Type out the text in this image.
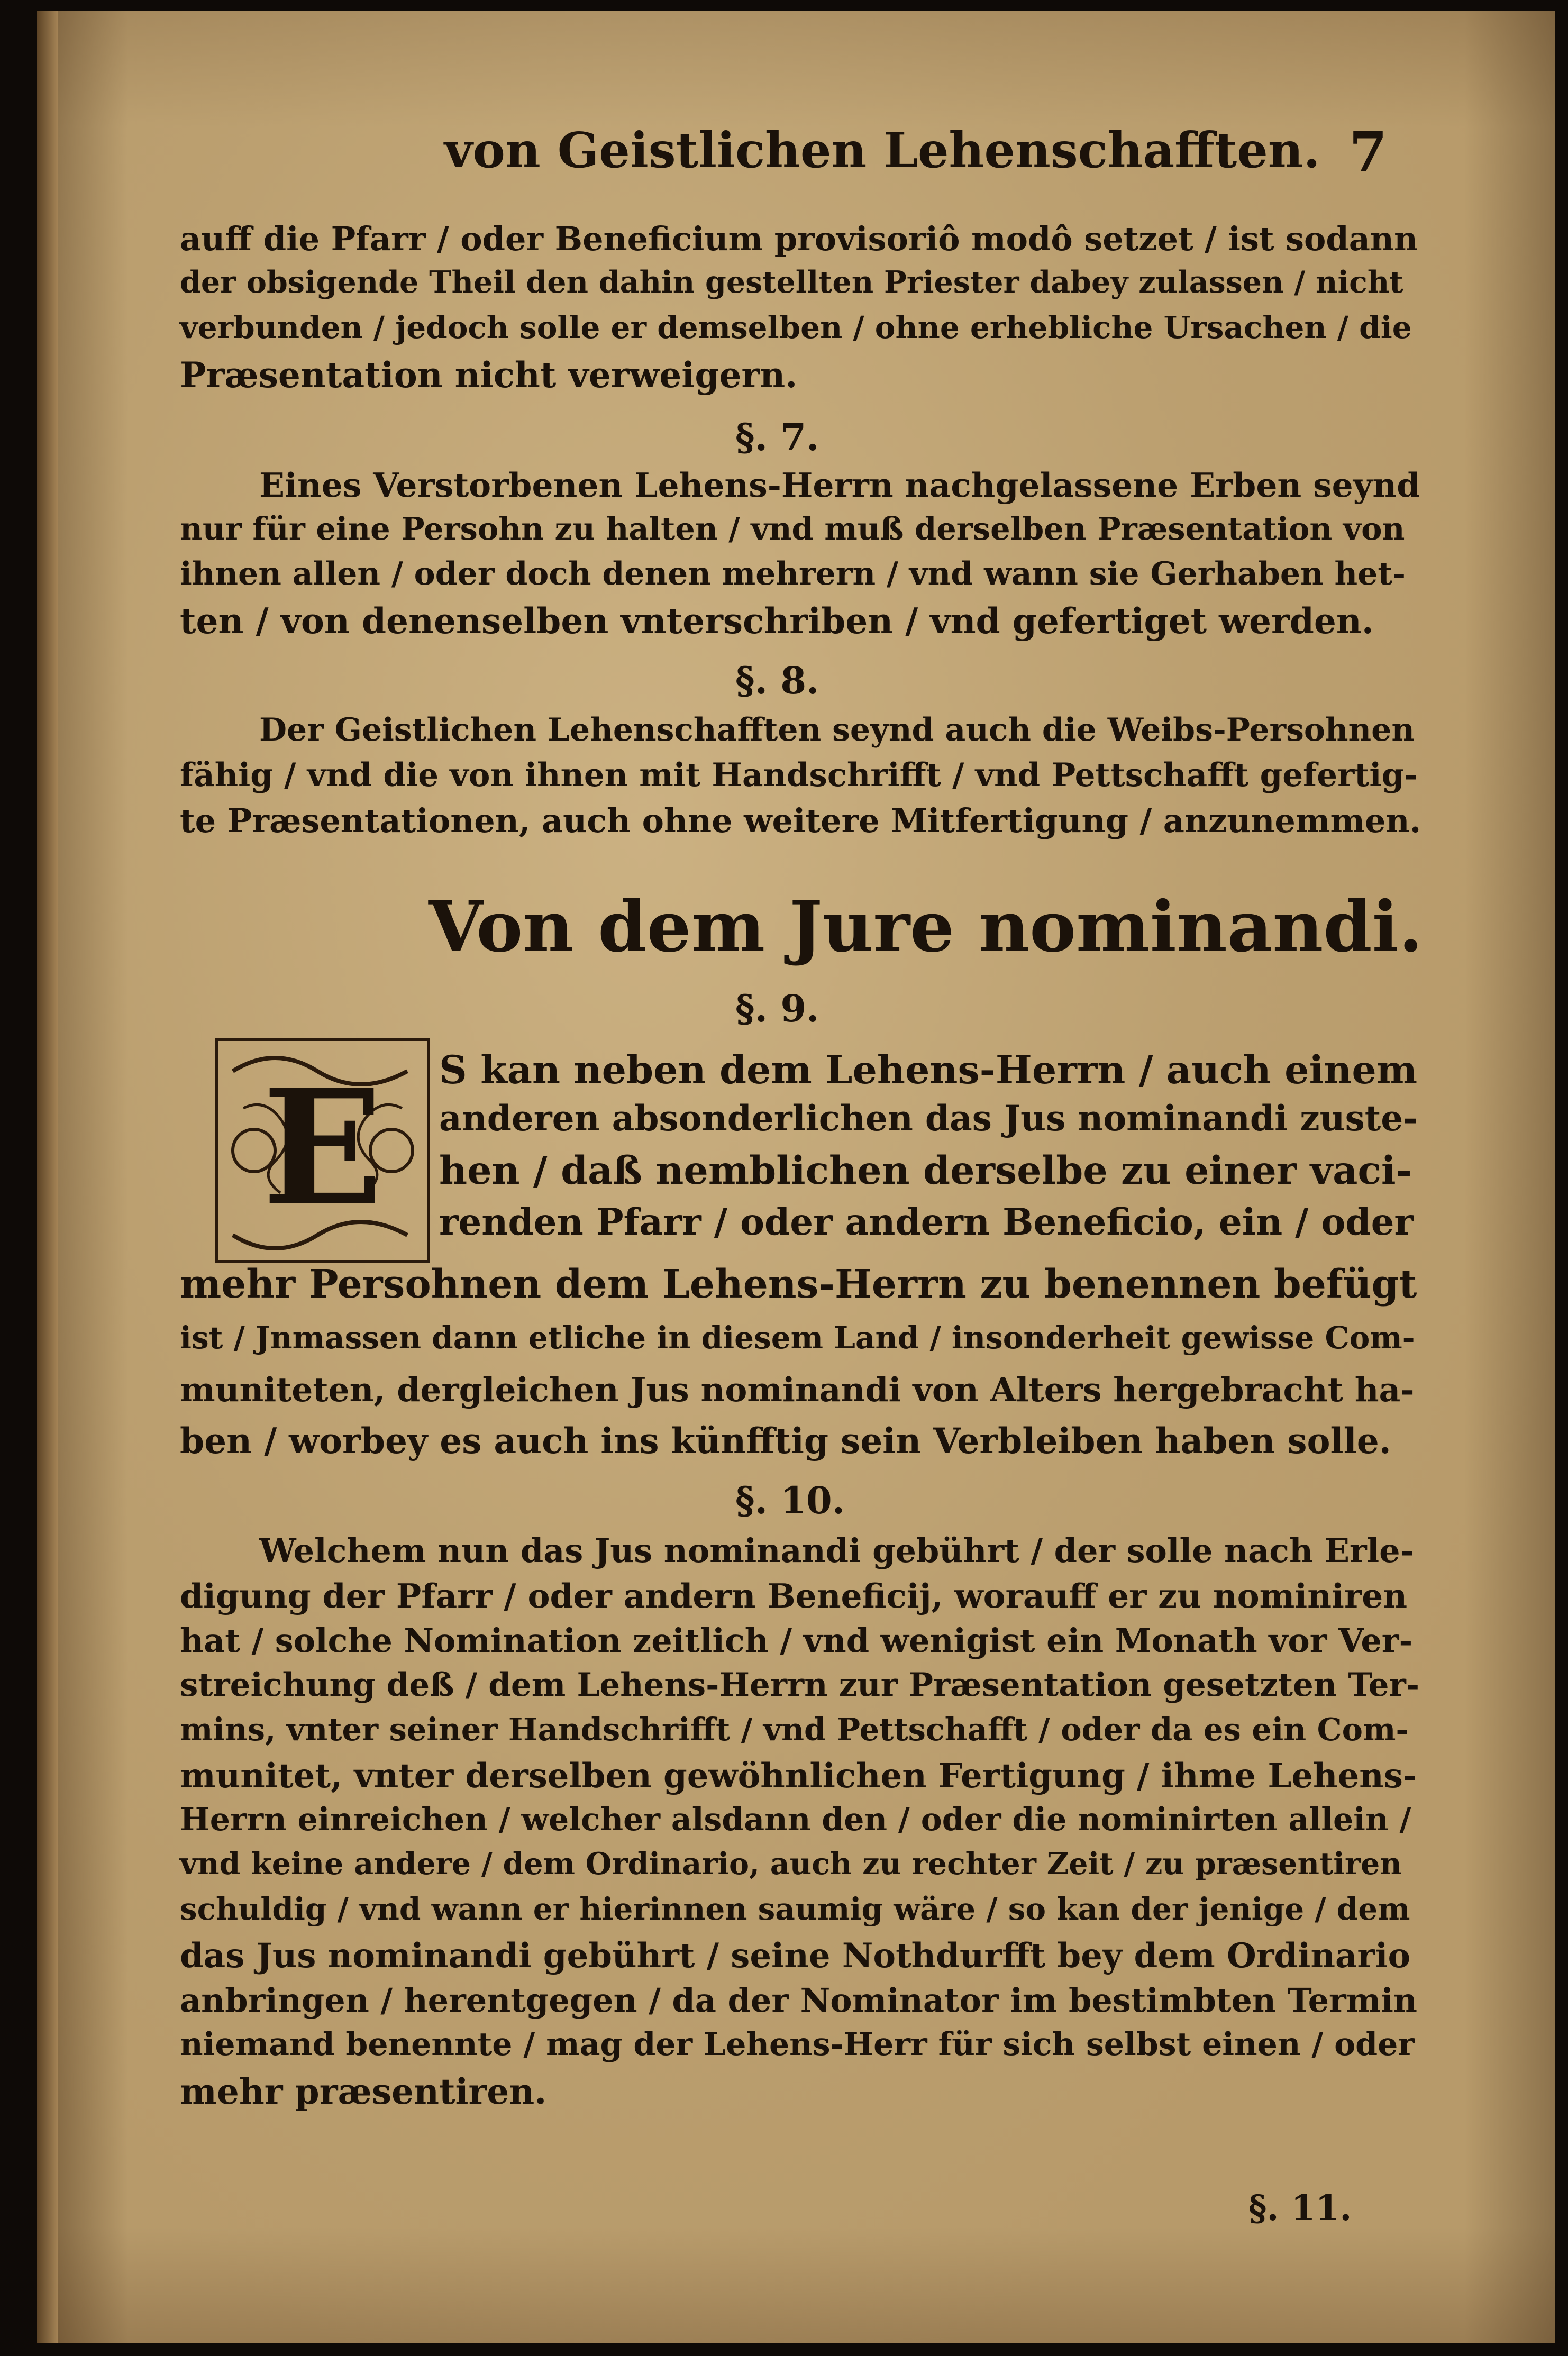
von Geistlichen Lehenschafften. 7
auff die Pfarr / oder Beneficium provisoriô modô setzet / ist sodann
der obsigende Theil den dahin gestellten Priester dabey zulassen / nicht
verbunden / jedoch solle er demselben / ohne erhebliche Ursachen / die
Præsentation nicht verweigern.
§. 7.
Eines Verstorbenen Lehens-Herrn nachgelassene Erben seynd
nur für eine Persohn zu halten / vnd muß derselben Præsentation von
ihnen allen / oder doch denen mehrern / vnd wann sie Gerhaben het-
ten / von denenselben vnterschriben / vnd gefertiget werden.
§. 8.
Der Geistlichen Lehenschafften seynd auch die Weibs-Persohnen
fähig / vnd die von ihnen mit Handschrifft / vnd Pettschafft gefertig-
te Præsentationen, auch ohne weitere Mitfertigung / anzunemmen.
Von dem Jure nominandi.
§. 9.
E S kan neben dem Lehens-Herrn / auch einem
anderen absonderlichen das Jus nominandi zuste-
hen / daß nemblichen derselbe zu einer vaci-
renden Pfarr / oder andern Beneficio, ein / oder
mehr Persohnen dem Lehens-Herrn zu benennen befügt
ist / Jnmassen dann etliche in diesem Land / insonderheit gewisse Com-
muniteten, dergleichen Jus nominandi von Alters hergebracht ha-
ben / worbey es auch ins künfftig sein Verbleiben haben solle.
§. 10.
Welchem nun das Jus nominandi gebührt / der solle nach Erle-
digung der Pfarr / oder andern Beneficij, worauff er zu nominiren
hat / solche Nomination zeitlich / vnd wenigist ein Monath vor Ver-
streichung deß / dem Lehens-Herrn zur Præsentation gesetzten Ter-
mins, vnter seiner Handschrifft / vnd Pettschafft / oder da es ein Com-
munitet, vnter derselben gewöhnlichen Fertigung / ihme Lehens-
Herrn einreichen / welcher alsdann den / oder die nominirten allein /
vnd keine andere / dem Ordinario, auch zu rechter Zeit / zu præsentiren
schuldig / vnd wann er hierinnen saumig wäre / so kan der jenige / dem
das Jus nominandi gebührt / seine Nothdurfft bey dem Ordinario
anbringen / herentgegen / da der Nominator im bestimbten Termin
niemand benennte / mag der Lehens-Herr für sich selbst einen / oder
mehr præsentiren.
§. 11.
